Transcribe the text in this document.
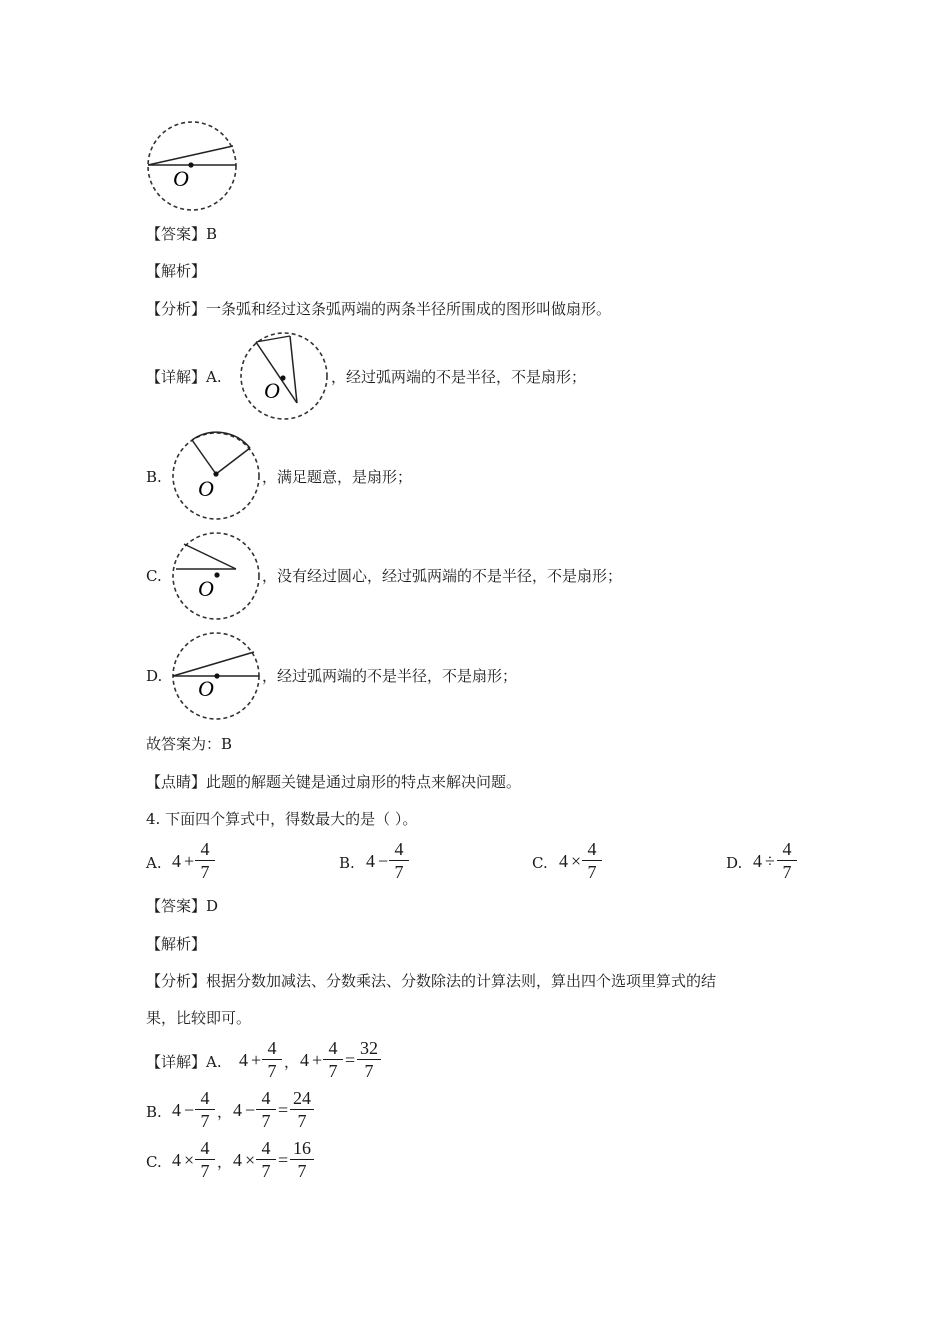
O
【答案】B
【解析】
【分析】一条弧和经过这条弧两端的两条半径所围成的图形叫做扇形。
【详解】A.
O
，经过弧两端的不是半径，不是扇形；
B. O	，满足题意，是扇形；
C. O	，没有经过圆心，经过弧两端的不是半径，不是扇形；
D. O	，经过弧两端的不是半径，不是扇形；
故答案为：B
【点睛】此题的解题关键是通过扇形的特点来解决问题。
4. 下面四个算式中，得数最大的是（ ）。
A. 4 +
4
7	B. 4 −
4
7	C. 4 ×
4
7	D. 4 ÷
4
7
【答案】D
【解析】
【分析】根据分数加减法、分数乘法、分数除法的计算法则，算出四个选项里算式的结
果，比较即可。
【详解】A. 4 +
4
7 ， 4 +
4
7
=
32
7
B. 4 −
4
7 ， 4 −
4
7
=
24
7
C. 4 ×
4
7 ， 4 ×
4
7
=
16
7
